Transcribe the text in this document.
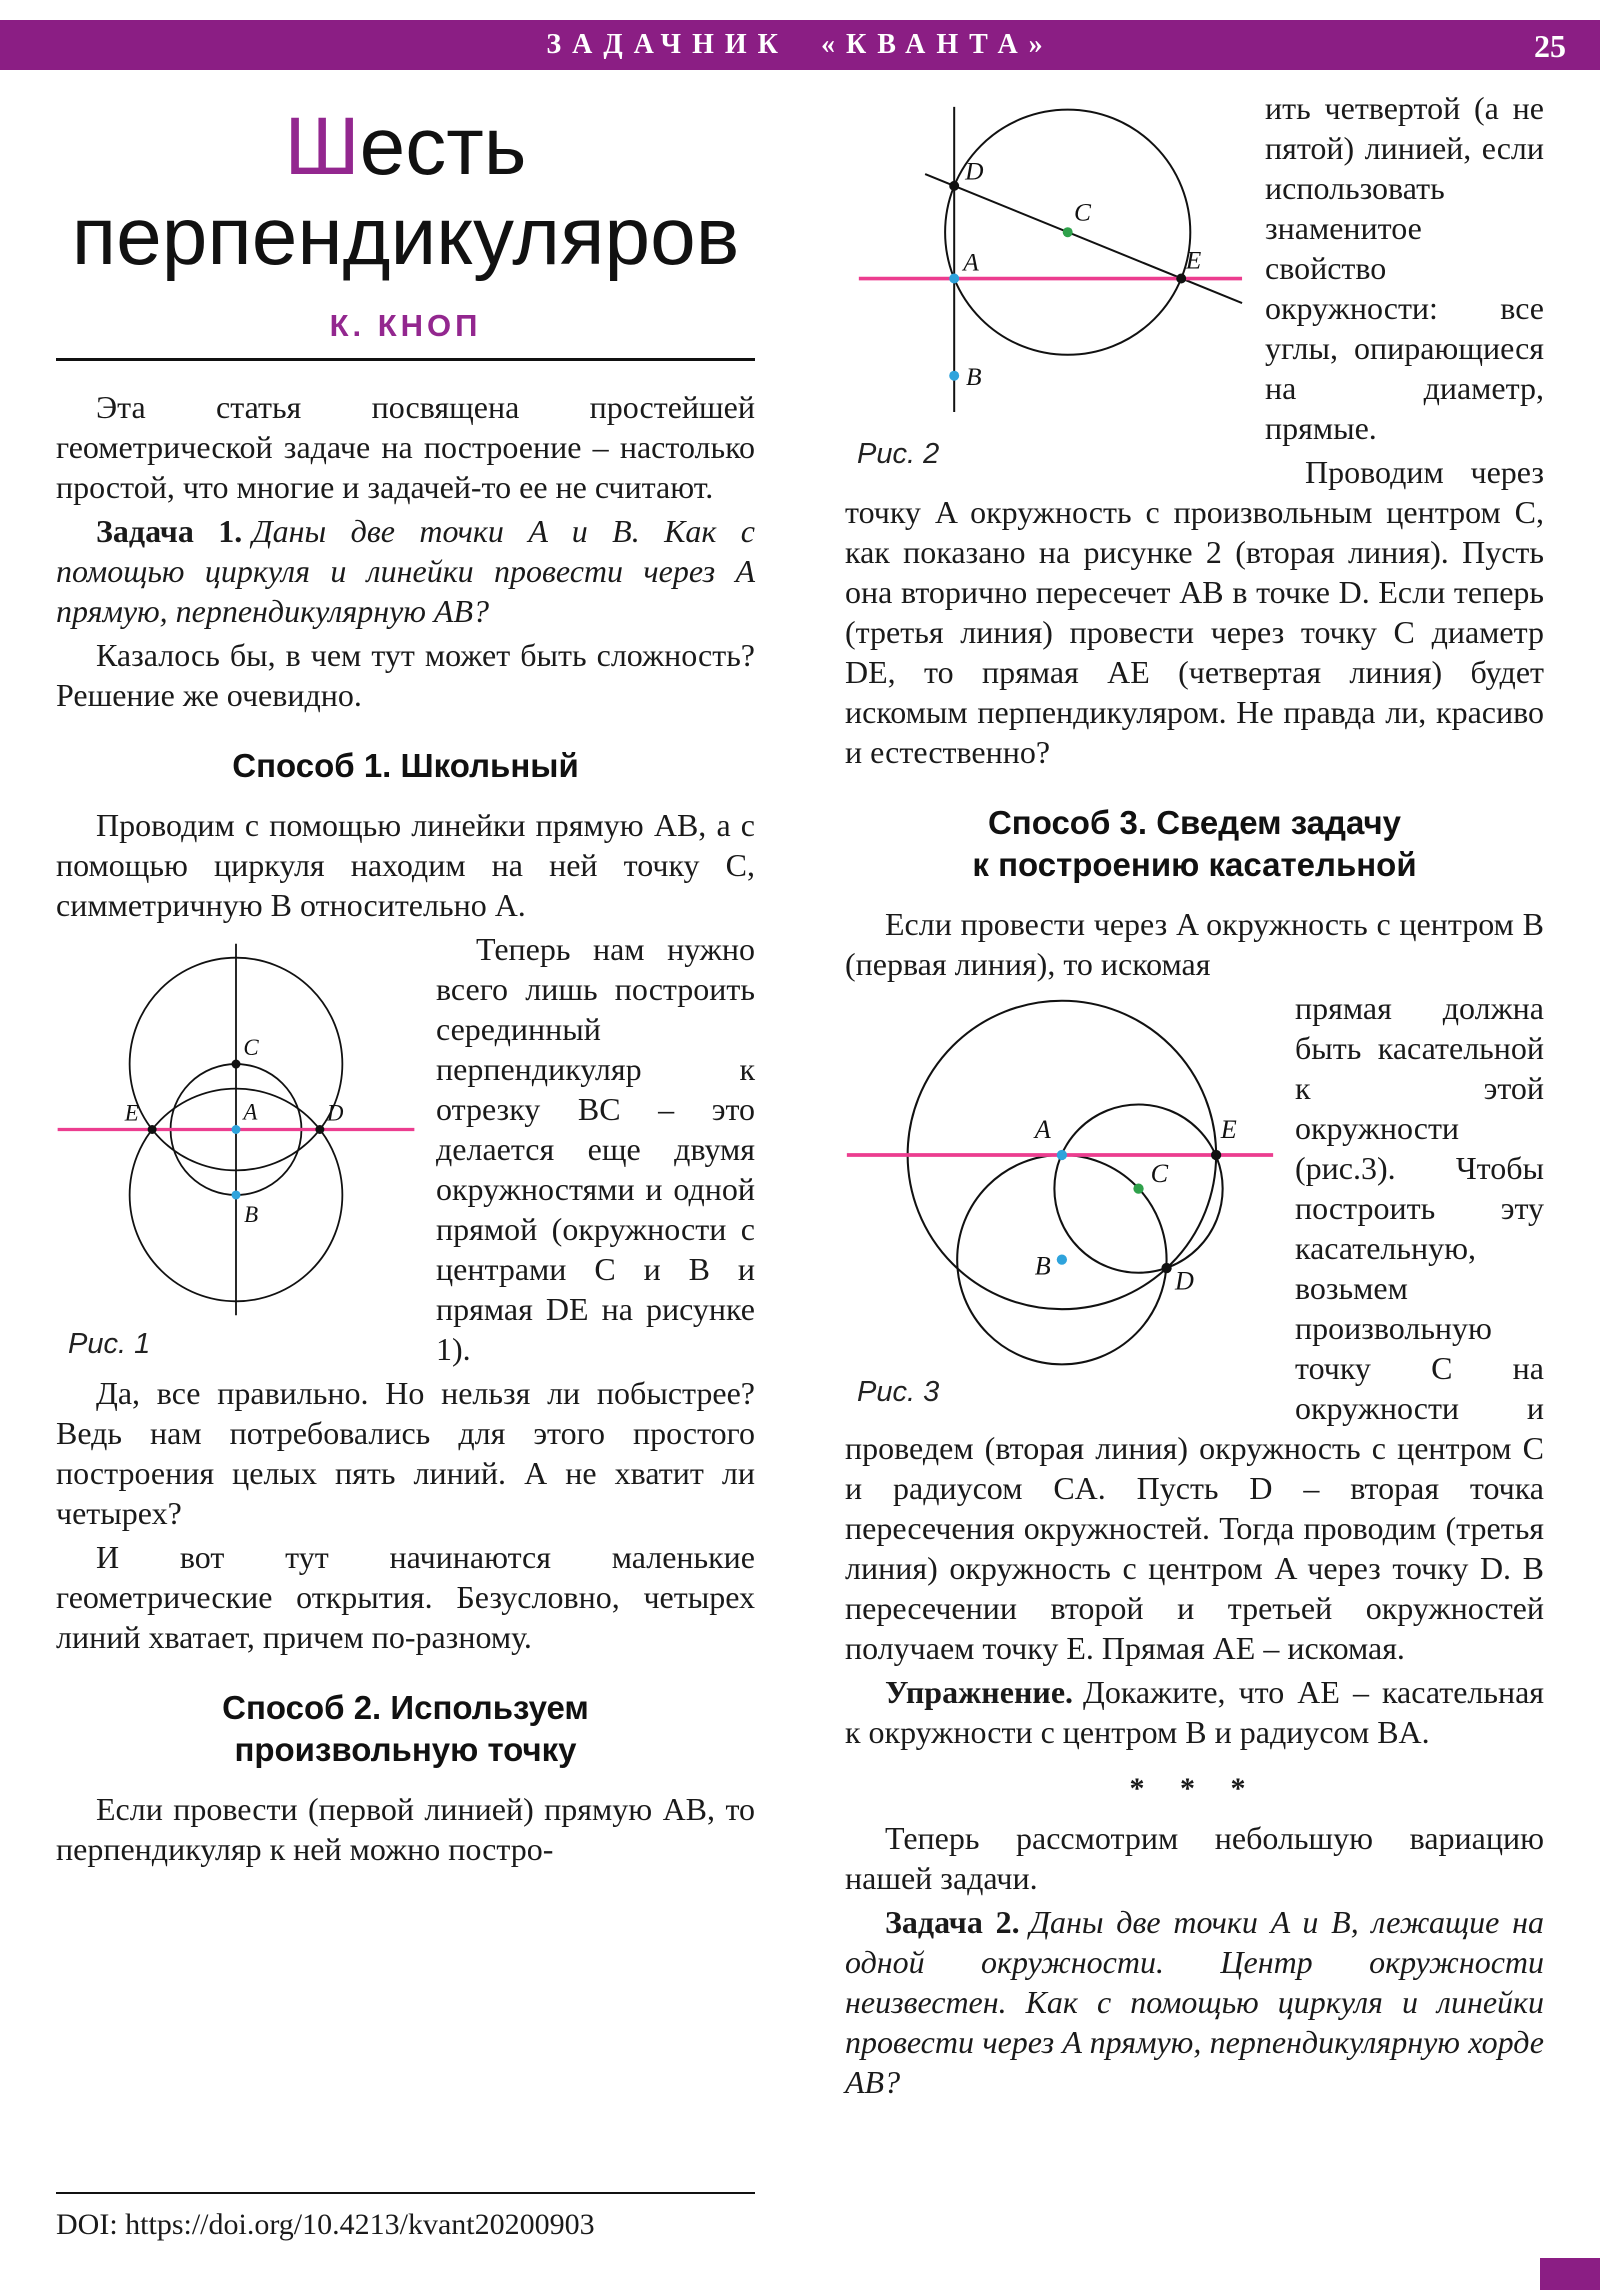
ЗАДАЧНИК «КВАНТА»	25
Шесть
перпендикуляров
К. КНОП

Эта статья посвящена простейшей геометрической задаче на построение – настолько простой, что многие и задачей-то ее не считают.

Задача 1. Даны две точки A и B. Как с помощью циркуля и линейки провести через A прямую, перпендикулярную AB?

Казалось бы, в чем тут может быть сложность? Решение же очевидно.

Способ 1. Школьный

Проводим с помощью линейки прямую AB, а с помощью циркуля находим на ней точку C, симметричную B относительно A.

C
A
B
E	D
Рис. 1

Теперь нам нужно всего лишь построить серединный перпендикуляр к отрезку BC – это делается еще двумя окружностями и одной прямой (окружности с центрами C и B и прямая DE на рисунке 1).

Да, все правильно. Но нельзя ли побыстрее? Ведь нам потребовались для этого простого построения целых пять линий. А не хватит ли четырех?

И вот тут начинаются маленькие геометрические открытия. Безусловно, четырех линий хватает, причем по-разному.

Способ 2. Используем
произвольную точку

Если провести (первой линией) прямую AB, то перпендикуляр к ней можно постро-

D
C
A	E
B
Рис. 2

ить четвертой (а не пятой) линией, если использовать знаменитое свойство окружности: все углы, опирающиеся на диаметр, прямые.

Проводим через точку A окружность с произвольным центром C, как показано на рисунке 2 (вторая линия). Пусть она вторично пересечет AB в точке D. Если теперь (третья линия) провести через точку C диаметр DE, то прямая AE (четвертая линия) будет искомым перпендикуляром. Не правда ли, красиво и естественно?

Способ 3. Сведем задачу
к построению касательной

Если провести через A окружность с центром B (первая линия), то искомая

A	E
C
B
D
Рис. 3

прямая должна быть касательной к этой окружности (рис.3). Чтобы построить эту касательную, возьмем произвольную точку C на окружности и проведем (вторая линия) окружность с центром C и радиусом CA. Пусть D – вторая точка пересечения окружностей. Тогда проводим (третья линия) окружность с центром A через точку D. В пересечении второй и третьей окружностей получаем точку E. Прямая AE – искомая.

Упражнение. Докажите, что AE – касательная к окружности с центром B и радиусом BA.

* * *

Теперь рассмотрим небольшую вариацию нашей задачи.

Задача 2. Даны две точки A и B, лежащие на одной окружности. Центр окружности неизвестен. Как с помощью циркуля и линейки провести через A прямую, перпендикулярную хорде AB?

DOI: https://doi.org/10.4213/kvant20200903
